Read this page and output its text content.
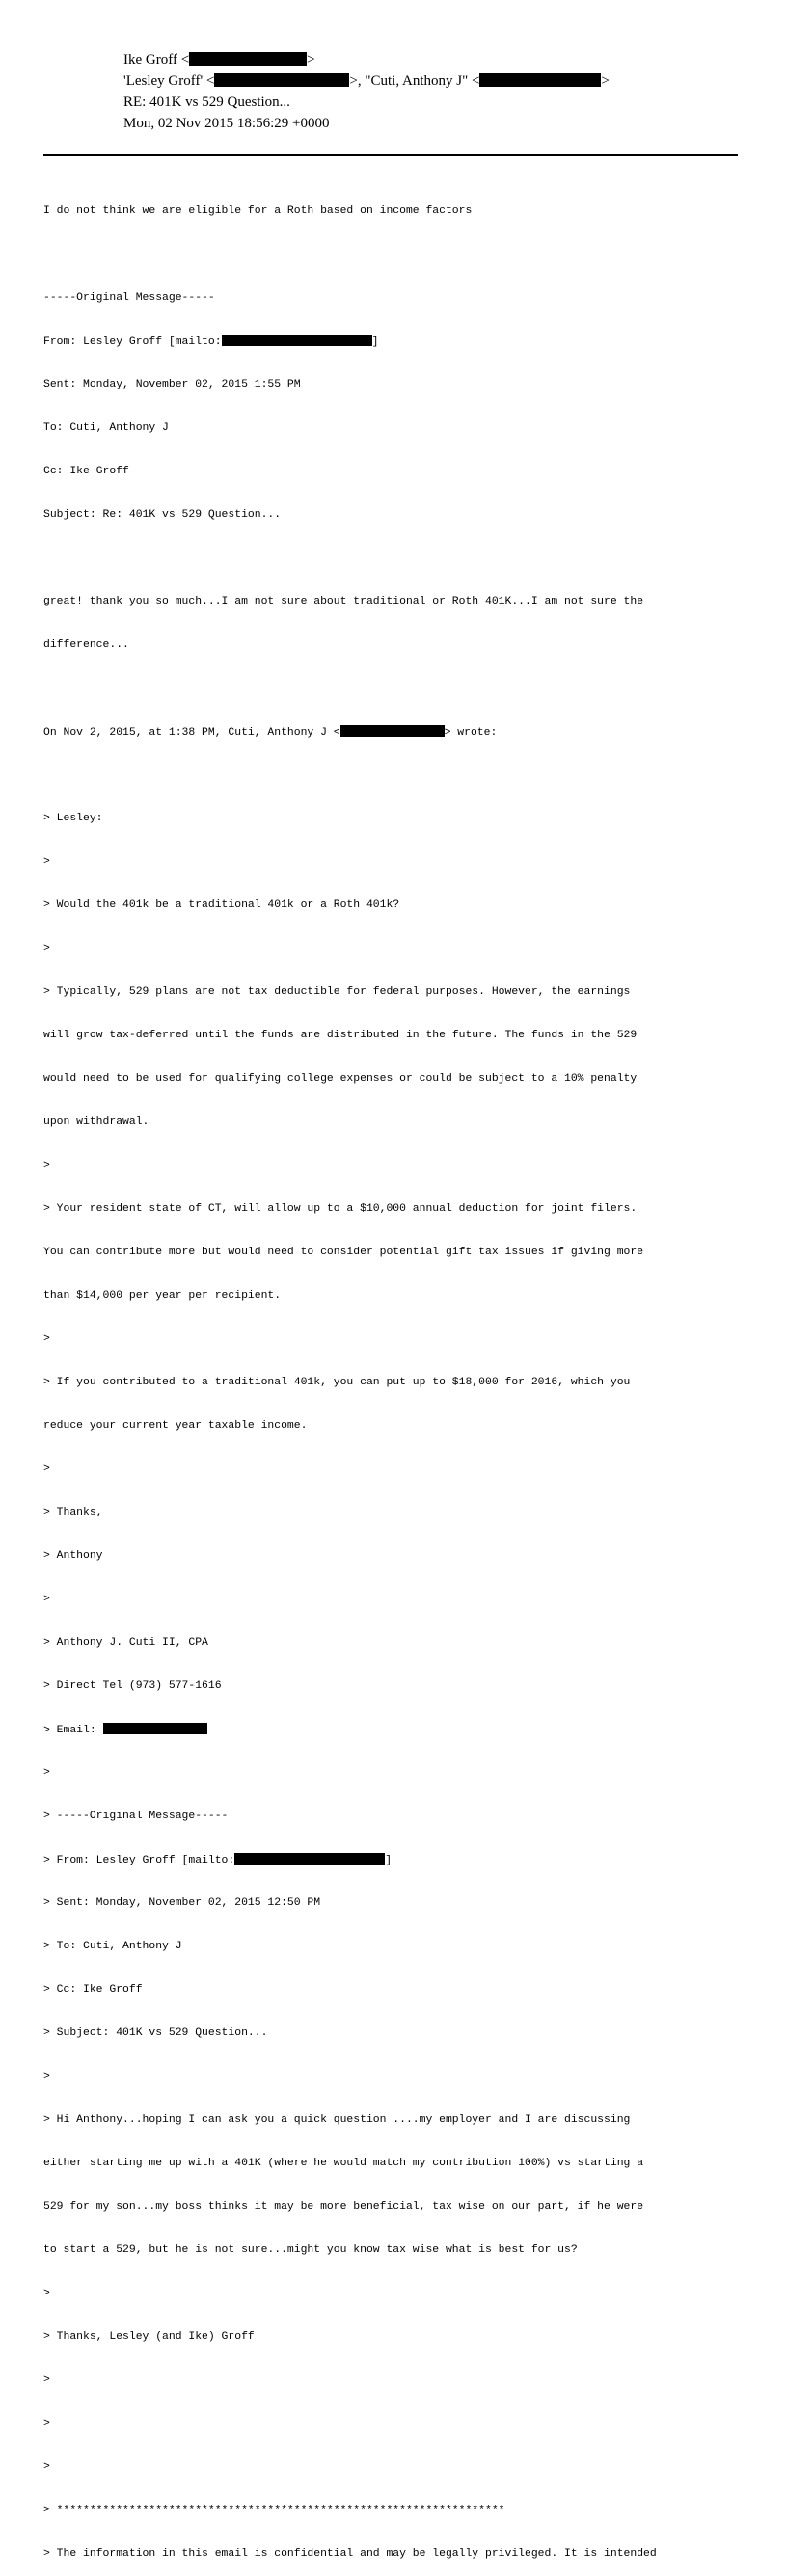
Ike Groff <	>
'Lesley Groff' <	>, "Cuti, Anthony J" <	>
RE: 401K vs 529 Question...
Mon, 02 Nov 2015 18:56:29 +0000

I do not think we are eligible for a Roth based on income factors

-----Original Message-----

From: Lesley Groff [mailto:	]

Sent: Monday, November 02, 2015 1:55 PM

To: Cuti, Anthony J

Cc: Ike Groff

Subject: Re: 401K vs 529 Question...

great! thank you so much...I am not sure about traditional or Roth 401K...I am not sure the

difference...

On Nov 2, 2015, at 1:38 PM, Cuti, Anthony J <	> wrote:

> Lesley:

>

> Would the 401k be a traditional 401k or a Roth 401k?

>

> Typically, 529 plans are not tax deductible for federal purposes. However, the earnings

will grow tax-deferred until the funds are distributed in the future. The funds in the 529

would need to be used for qualifying college expenses or could be subject to a 10% penalty

upon withdrawal.

>

> Your resident state of CT, will allow up to a $10,000 annual deduction for joint filers.

You can contribute more but would need to consider potential gift tax issues if giving more

than $14,000 per year per recipient.

>

> If you contributed to a traditional 401k, you can put up to $18,000 for 2016, which you

reduce your current year taxable income.

>

> Thanks,

> Anthony

>

> Anthony J. Cuti II, CPA

> Direct Tel (973) 577-1616

> Email:

>

> -----Original Message-----

> From: Lesley Groff [mailto:	]

> Sent: Monday, November 02, 2015 12:50 PM

> To: Cuti, Anthony J

> Cc: Ike Groff

> Subject: 401K vs 529 Question...

>

> Hi Anthony...hoping I can ask you a quick question ....my employer and I are discussing

either starting me up with a 401K (where he would match my contribution 100%) vs starting a

529 for my son...my boss thinks it may be more beneficial, tax wise on our part, if he were

to start a 529, but he is not sure...might you know tax wise what is best for us?

>

> Thanks, Lesley (and Ike) Groff

>

>

>

> ********************************************************************

> The information in this email is confidential and may be legally privileged. It is intended
